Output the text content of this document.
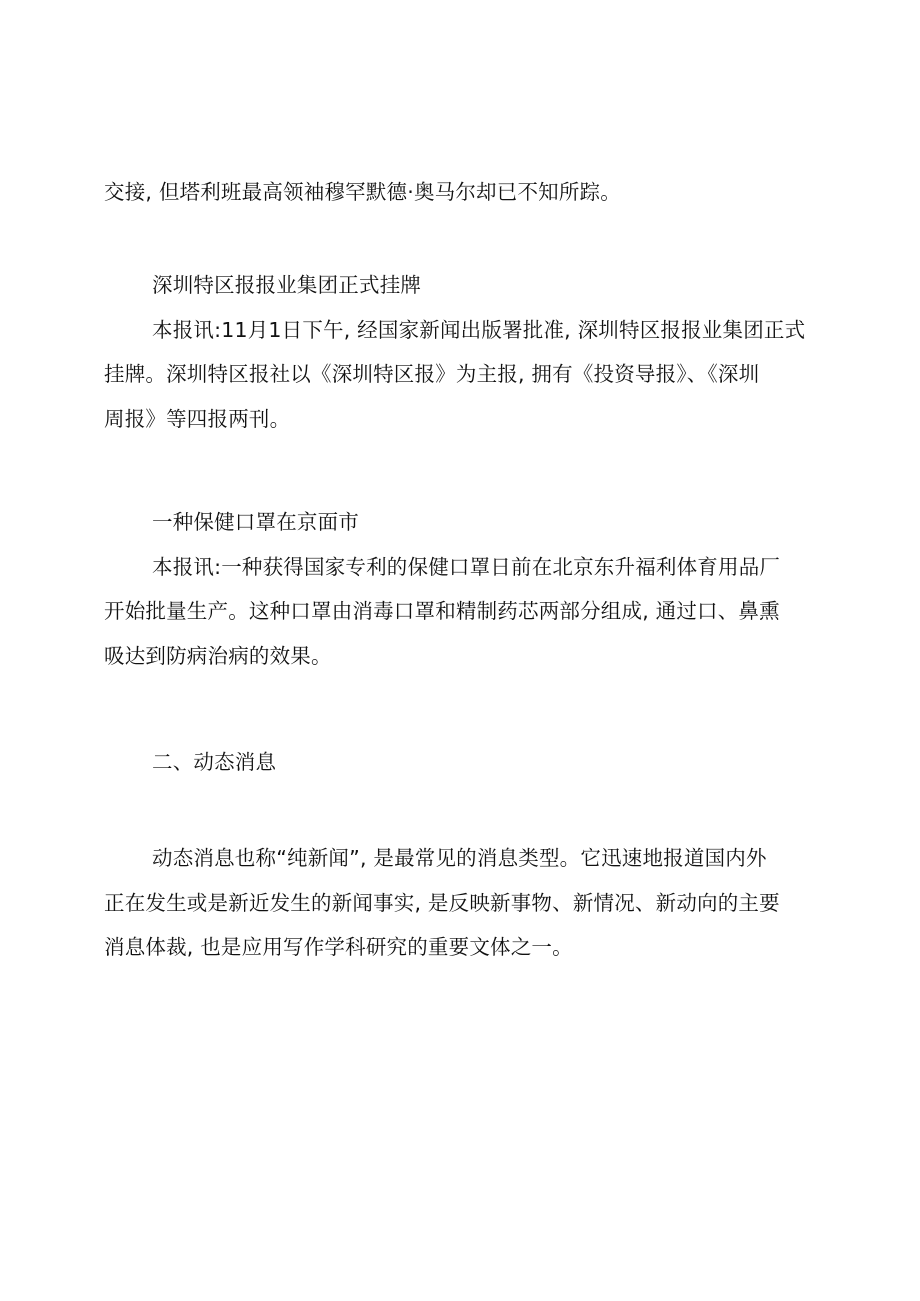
交接, 但塔利班最高领袖穆罕默德·奥马尔却已不知所踪。
深圳特区报报业集团正式挂牌
本报讯:11月1日下午, 经国家新闻出版署批准, 深圳特区报报业集团正式
挂牌。深圳特区报社以《深圳特区报》为主报, 拥有《投资导报》、《深圳
周报》等四报两刊。
一种保健口罩在京面市
本报讯:一种获得国家专利的保健口罩日前在北京东升福利体育用品厂
开始批量生产。这种口罩由消毒口罩和精制药芯两部分组成, 通过口、鼻熏
吸达到防病治病的效果。
二、动态消息
动态消息也称“纯新闻”, 是最常见的消息类型。它迅速地报道国内外
正在发生或是新近发生的新闻事实, 是反映新事物、新情况、新动向的主要
消息体裁, 也是应用写作学科研究的重要文体之一。
